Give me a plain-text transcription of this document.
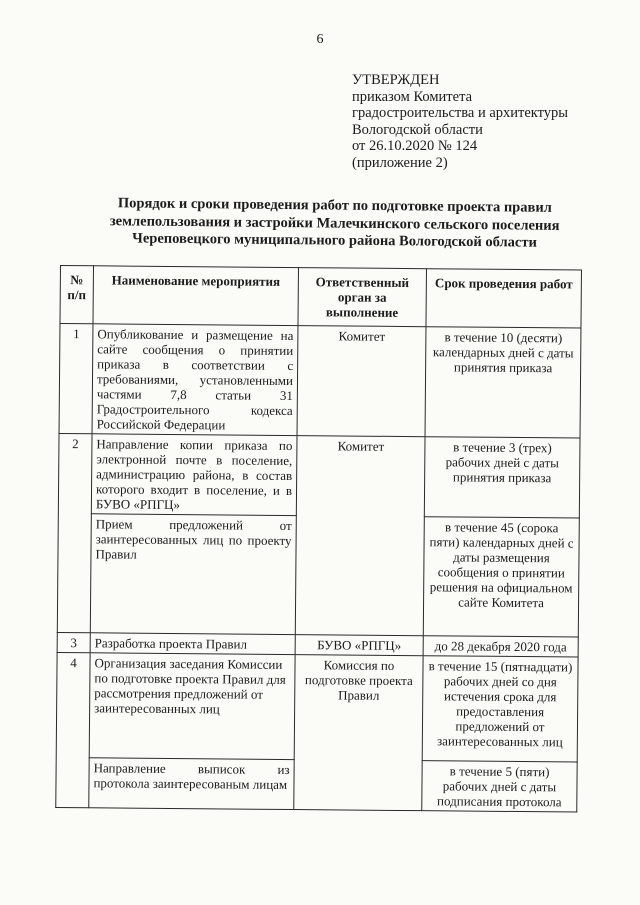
6
УТВЕРЖДЕН
приказом Комитета
градостроительства и архитектуры
Вологодской области
от 26.10.2020 № 124
(приложение 2)
Порядок и сроки проведения работ по подготовке проекта правил
землепользования и застройки Малечкинского сельского поселения
Череповецкого муниципального района Вологодской области
№ п/п	Наименование мероприятия	Ответственный орган за выполнение	Срок проведения работ
1	Опубликование и размещение на сайте сообщения о принятии приказа в соответствии с требованиями, установленными частями 7,8 статьи 31 Градостроительного кодекса Российской Федерации	Комитет	в течение 10 (десяти) календарных дней с даты принятия приказа
2	Направление копии приказа по электронной почте в поселение, администрацию района, в состав которого входит в поселение, и в БУВО «РПГЦ»	Комитет	в течение 3 (трех) рабочих дней с даты принятия приказа
	Прием предложений от заинтересованных лиц по проекту Правил		в течение 45 (сорока пяти) календарных дней с даты размещения сообщения о принятии решения на официальном сайте Комитета
3	Разработка проекта Правил	БУВО «РПГЦ»	до 28 декабря 2020 года
4	Организация заседания Комиссии по подготовке проекта Правил для рассмотрения предложений от заинтересованных лиц	Комиссия по подготовке проекта Правил	в течение 15 (пятнадцати) рабочих дней со дня истечения срока для предоставления предложений от заинтересованных лиц
	Направление выписок из протокола заинтересованым лицам		в течение 5 (пяти) рабочих дней с даты подписания протокола
